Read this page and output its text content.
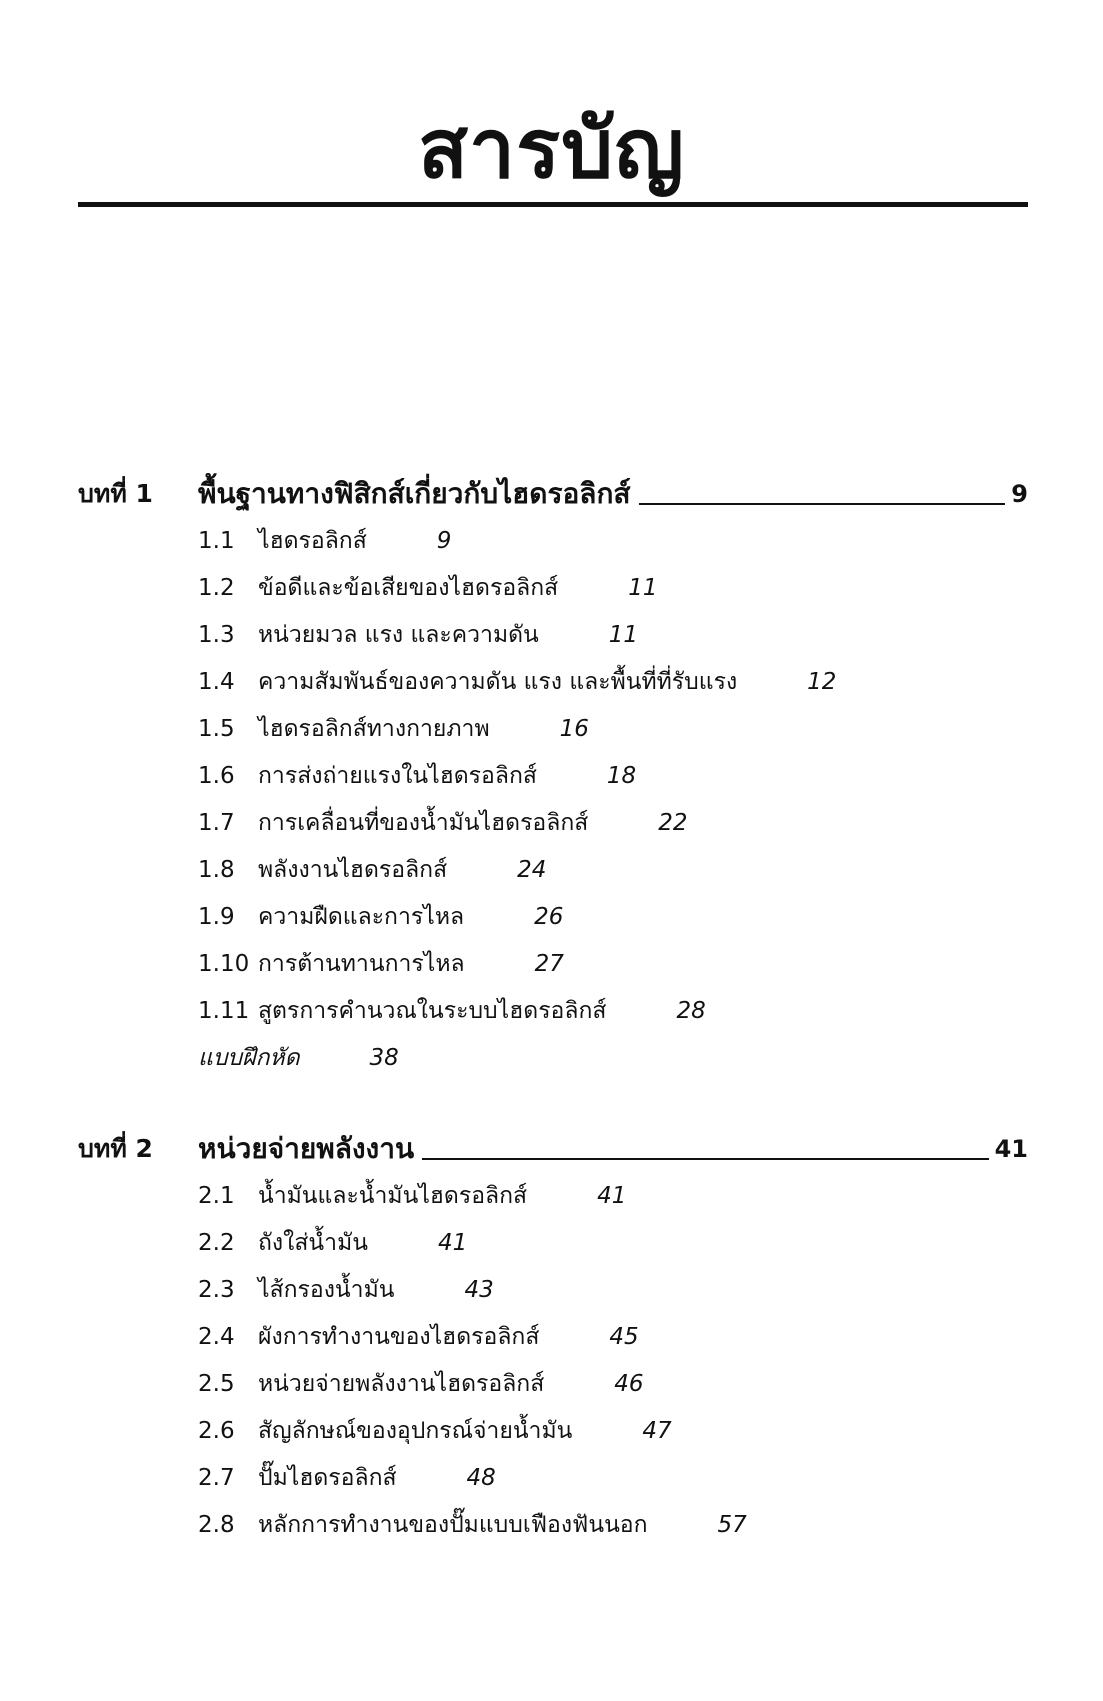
สารบัญ
บทที่ 1	พื้นฐานทางฟิสิกส์เกี่ยวกับไฮดรอลิกส์	9
1.1	ไฮดรอลิกส์	9
1.2	ข้อดีและข้อเสียของไฮดรอลิกส์	11
1.3	หน่วยมวล แรง และความดัน	11
1.4	ความสัมพันธ์ของความดัน แรง และพื้นที่ที่รับแรง	12
1.5	ไฮดรอลิกส์ทางกายภาพ	16
1.6	การส่งถ่ายแรงในไฮดรอลิกส์	18
1.7	การเคลื่อนที่ของน้ำมันไฮดรอลิกส์	22
1.8	พลังงานไฮดรอลิกส์	24
1.9	ความฝืดและการไหล	26
1.10 การต้านทานการไหล	27
1.11 สูตรการคำนวณในระบบไฮดรอลิกส์	28
แบบฝึกหัด	38
บทที่ 2	หน่วยจ่ายพลังงาน	41
2.1	น้ำมันและน้ำมันไฮดรอลิกส์	41
2.2	ถังใส่น้ำมัน	41
2.3	ไส้กรองน้ำมัน	43
2.4	ผังการทำงานของไฮดรอลิกส์	45
2.5	หน่วยจ่ายพลังงานไฮดรอลิกส์	46
2.6	สัญลักษณ์ของอุปกรณ์จ่ายน้ำมัน	47
2.7	ปั๊มไฮดรอลิกส์	48
2.8	หลักการทำงานของปั๊มแบบเฟืองฟันนอก	57
